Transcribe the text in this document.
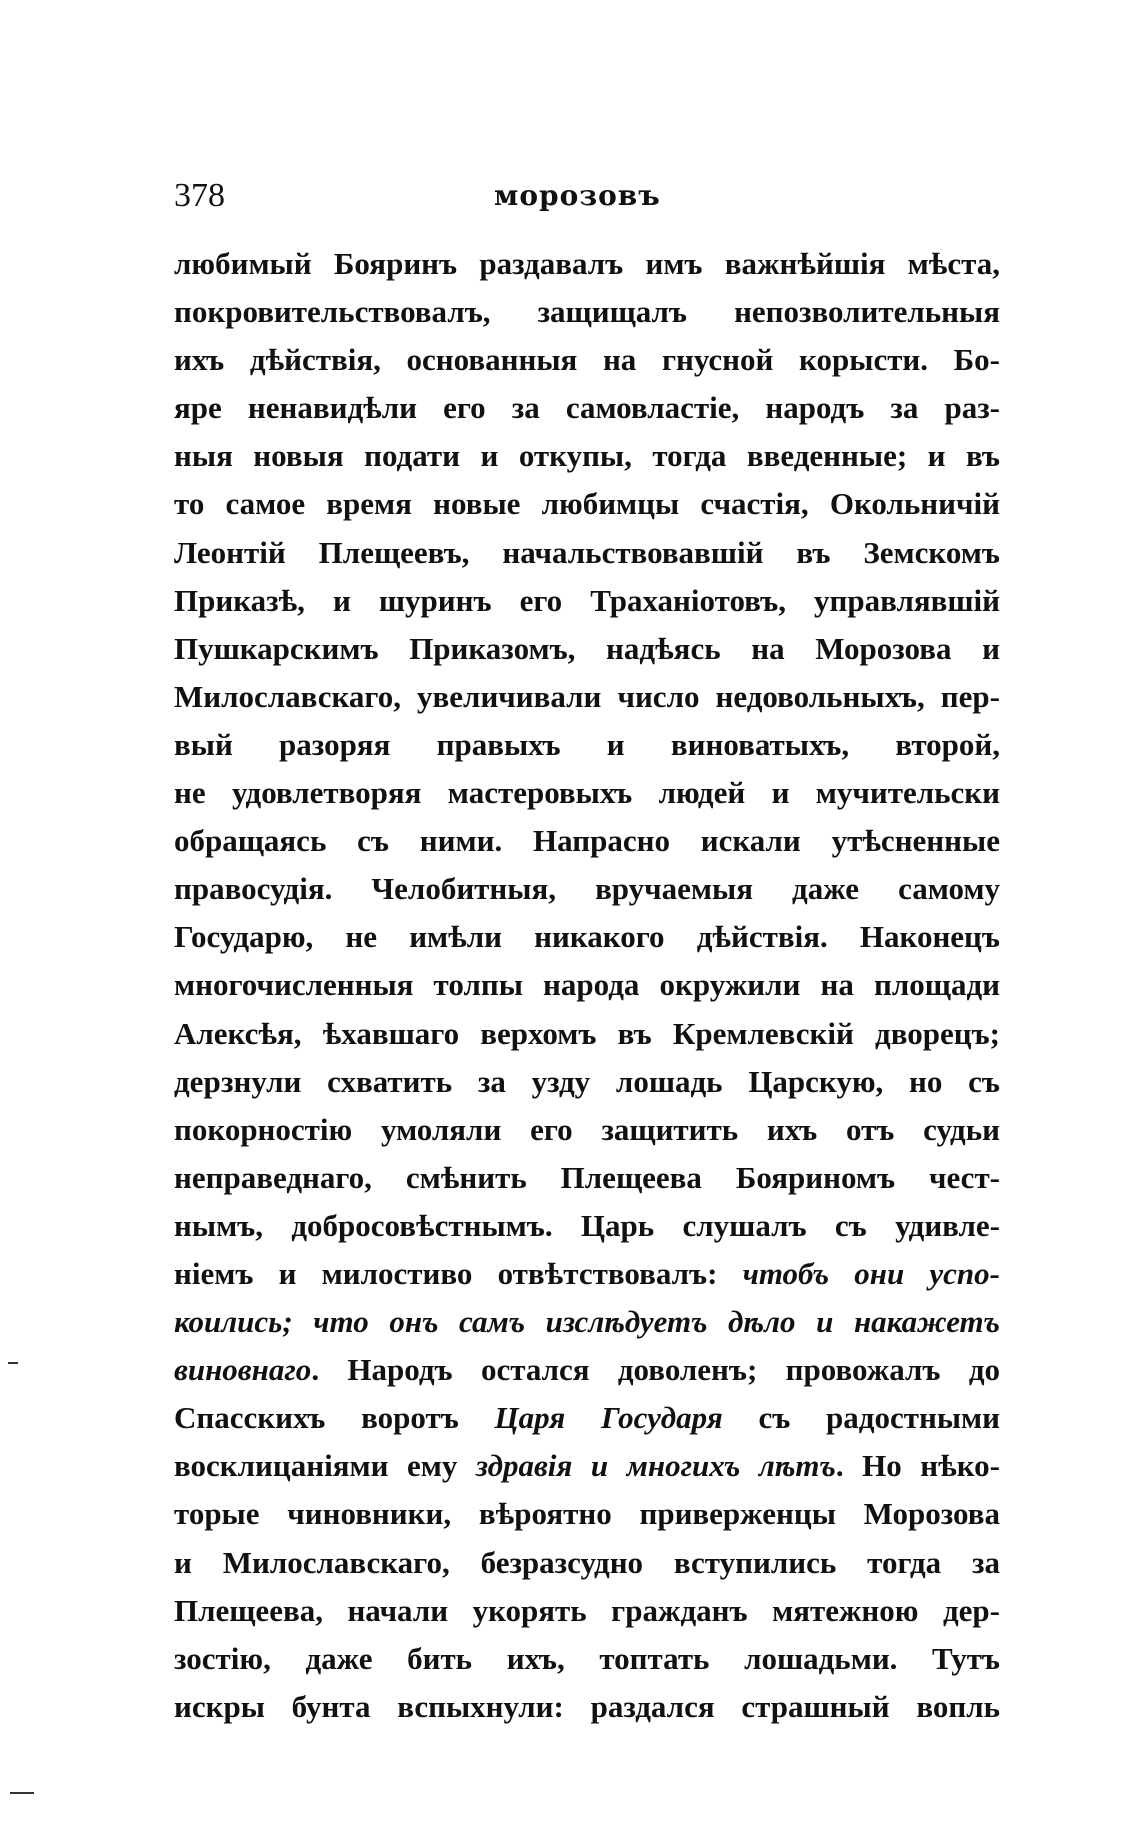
378	морозовъ
любимый Бояринъ раздавалъ имъ важнѣйшія мѣста,
покровительствовалъ, защищалъ непозволительныя
ихъ дѣйствія, основанныя на гнусной корысти. Бо-
яре ненавидѣли его за самовластіе, народъ за раз-
ныя новыя подати и откупы, тогда введенные; и въ
то самое время новые любимцы счастія, Окольничій
Леонтій Плещеевъ, начальствовавшій въ Земскомъ
Приказѣ, и шуринъ его Траханіотовъ, управлявшій
Пушкарскимъ Приказомъ, надѣясь на Морозова и
Милославскаго, увеличивали число недовольныхъ, пер-
вый разоряя правыхъ и виноватыхъ, второй,
не удовлетворяя мастеровыхъ людей и мучительски
обращаясь съ ними. Напрасно искали утѣсненные
правосудія. Челобитныя, вручаемыя даже самому
Государю, не имѣли никакого дѣйствія. Наконецъ
многочисленныя толпы народа окружили на площади
Алексѣя, ѣхавшаго верхомъ въ Кремлевскій дворецъ;
дерзнули схватить за узду лошадь Царскую, но съ
покорностію умоляли его защитить ихъ отъ судьи
неправеднаго, смѣнить Плещеева Бояриномъ чест-
нымъ, добросовѣстнымъ. Царь слушалъ съ удивле-
ніемъ и милостиво отвѣтствовалъ: чтобъ они успо-
коились; что онъ самъ изслѣдуетъ дѣло и накажетъ
виновнаго. Народъ остался доволенъ; провожалъ до
Спасскихъ воротъ Царя Государя съ радостными
восклицаніями ему здравія и многихъ лѣтъ. Но нѣко-
торые чиновники, вѣроятно приверженцы Морозова
и Милославскаго, безразсудно вступились тогда за
Плещеева, начали укорять гражданъ мятежною дер-
зостію, даже бить ихъ, топтать лошадьми. Тутъ
искры бунта вспыхнули: раздался страшный вопль
